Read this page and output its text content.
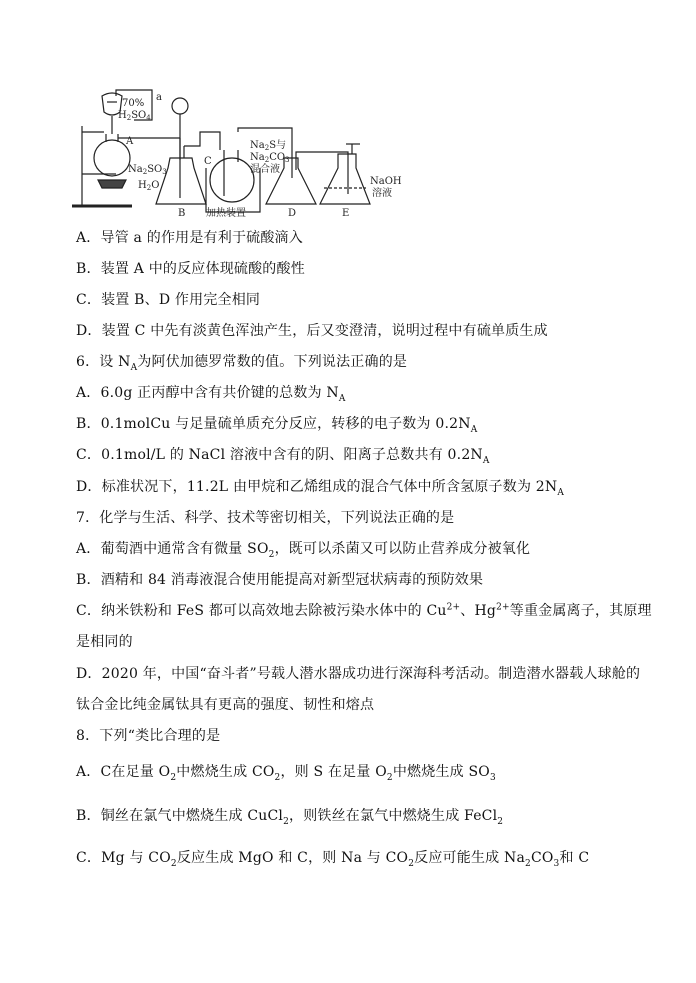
a
70%
$H_2SO_4$
A
$Na_2SO_3$
$H_2O$
C
$Na_2S$与
$Na_2CO_3$
混合液
B 加热装置	D	E
NaOH
溶液
A．导管 a 的作用是有利于硫酸滴入
B．装置 A 中的反应体现硫酸的酸性
C．装置 B、D 作用完全相同
D．装置 C 中先有淡黄色浑浊产生，后又变澄清，说明过程中有硫单质生成
6．设 $N_A$为阿伏加德罗常数的值。下列说法正确的是
A．6.0g 正丙醇中含有共价键的总数为 $N_A$
B．0.1molCu 与足量硫单质充分反应，转移的电子数为 $0.2N_A$
C．0.1mol/L 的 NaCl 溶液中含有的阴、阳离子总数共有 $0.2N_A$
D．标准状况下，11.2L 由甲烷和乙烯组成的混合气体中所含氢原子数为 $2N_A$
7．化学与生活、科学、技术等密切相关，下列说法正确的是
A．葡萄酒中通常含有微量 $SO_2$，既可以杀菌又可以防止营养成分被氧化
B．酒精和 84 消毒液混合使用能提高对新型冠状病毒的预防效果
C．纳米铁粉和 FeS 都可以高效地去除被污染水体中的 $Cu^{2+}$、$Hg^{2+}$等重金属离子，其原理
是相同的
D．2020 年，中国“奋斗者”号载人潜水器成功进行深海科考活动。制造潜水器载人球舱的
钛合金比纯金属钛具有更高的强度、韧性和熔点
8．下列“类比合理的是
A．C在足量 $O_2$中燃烧生成 $CO_2$，则 S 在足量 $O_2$中燃烧生成 $SO_3$
B．铜丝在氯气中燃烧生成 CuCl$_2$，则铁丝在氯气中燃烧生成 FeCl$_2$
C．Mg 与 $CO_2$反应生成 MgO 和 C，则 Na 与 $CO_2$反应可能生成 $Na_2CO_3$和 C
